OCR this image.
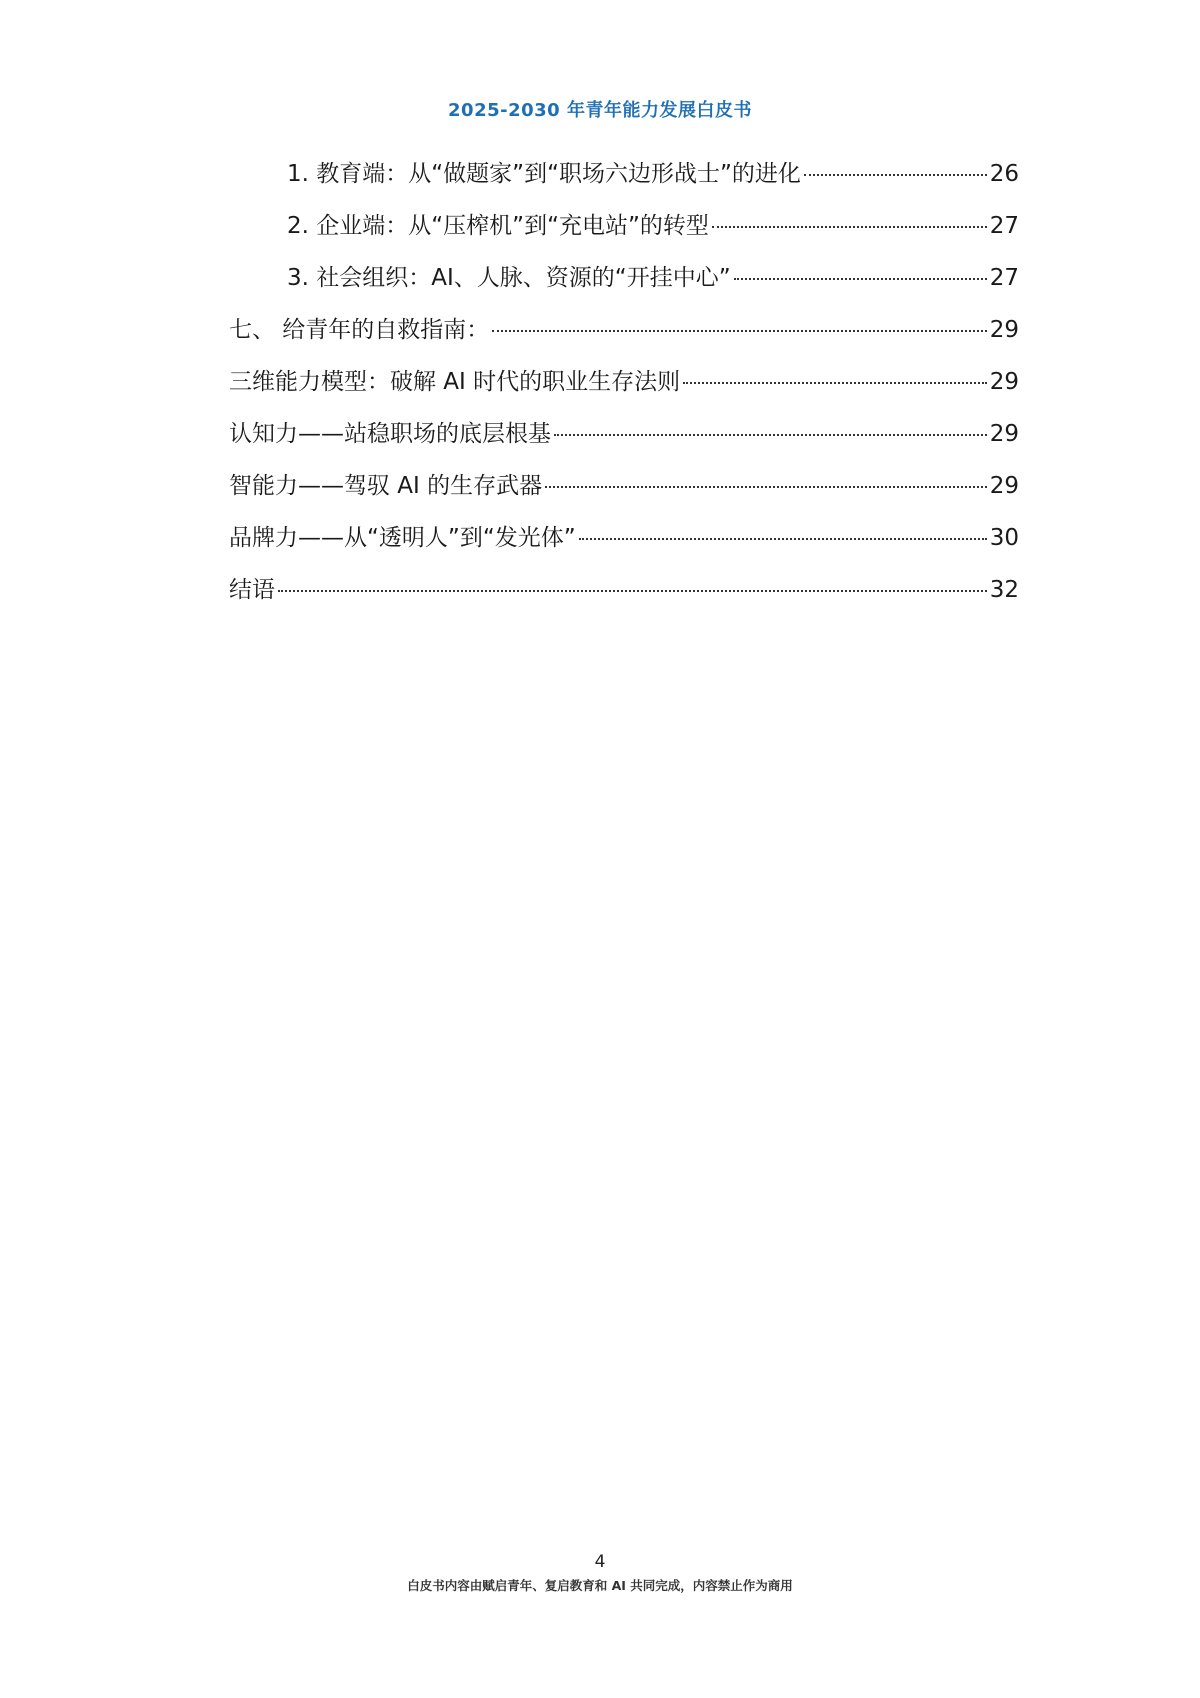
2025-2030 年青年能力发展白皮书
1. 教育端：从“做题家”到“职场六边形战士”的进化	26
2. 企业端：从“压榨机”到“充电站”的转型	27
3. 社会组织：AI、人脉、资源的“开挂中心”	27
七、 给青年的自救指南：	29
三维能力模型：破解 AI 时代的职业生存法则	29
认知力——站稳职场的底层根基	29
智能力——驾驭 AI 的生存武器	29
品牌力——从“透明人”到“发光体”	30
结语	32
4
白皮书内容由赋启青年、复启教育和 AI 共同完成，内容禁止作为商用
